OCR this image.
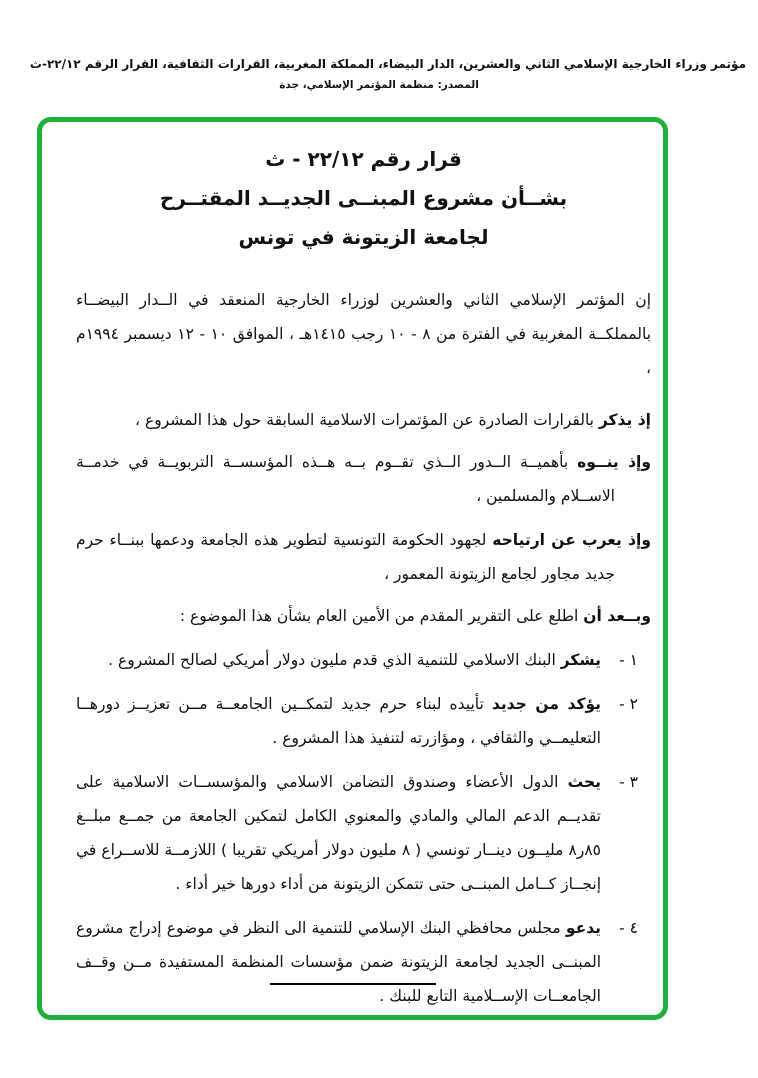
مؤتمر وزراء الخارجية الإسلامي الثاني والعشرين، الدار البيضاء، المملكة المغربية، القرارات الثقافية، القرار الرقم ٢٢/١٢-ث
المصدر: منظمة المؤتمر الإسلامي، جدة
قرار رقم ٢٢/١٢ - ث
بشــأن مشروع المبنــى الجديــد المقتــرح
لجامعة الزيتونة في تونس

إن المؤتمر الإسلامي الثاني والعشرين لوزراء الخارجية المنعقد في الــدار البيضــاء بالمملكــة المغربية في الفترة من ٨ - ١٠ رجب ١٤١٥هـ ، الموافق ١٠ - ١٢ ديسمبر ١٩٩٤م ،

إذ يذكر بالقرارات الصادرة عن المؤتمرات الاسلامية السابقة حول هذا المشروع ،

وإذ ينــوه بأهميــة الــدور الــذي تقــوم بــه هــذه المؤسســة التربويــة في خدمــة الاســلام والمسلمين ،

وإذ يعرب عن ارتياحه لجهود الحكومة التونسية لتطوير هذه الجامعة ودعمها ببنــاء حرم جديد مجاور لجامع الزيتونة المعمور ،

وبــعد أن اطلع على التقرير المقدم من الأمين العام بشأن هذا الموضوع :

١ -
يشكر البنك الاسلامي للتنمية الذي قدم مليون دولار أمريكي لصالح المشروع .
٢ -
يؤكد من جديد تأييده لبناء حرم جديد لتمكــين الجامعــة مــن تعزيــز دورهــا التعليمــي والثقافي ، ومؤازرته لتنفيذ هذا المشروع .
٣ -
يحث الدول الأعضاء وصندوق التضامن الاسلامي والمؤسســات الاسلامية على تقديــم الدعم المالي والمادي والمعنوي الكامل لتمكين الجامعة من جمــع مبلــغ ٨٥ر٨ مليــون دينــار تونسي ( ٨ مليون دولار أمريكي تقريبا ) اللازمــة للاســراع في إنجــاز كــامل المبنــى حتى تتمكن الزيتونة من أداء دورها خير أداء .
٤ -
يدعو مجلس محافظي البنك الإسلامي للتنمية الى النظر في موضوع إدراج مشروع المبنــى الجديد لجامعة الزيتونة ضمن مؤسسات المنظمة المستفيدة مــن وقــف الجامعــات الإســلامية التابع للبنك .
